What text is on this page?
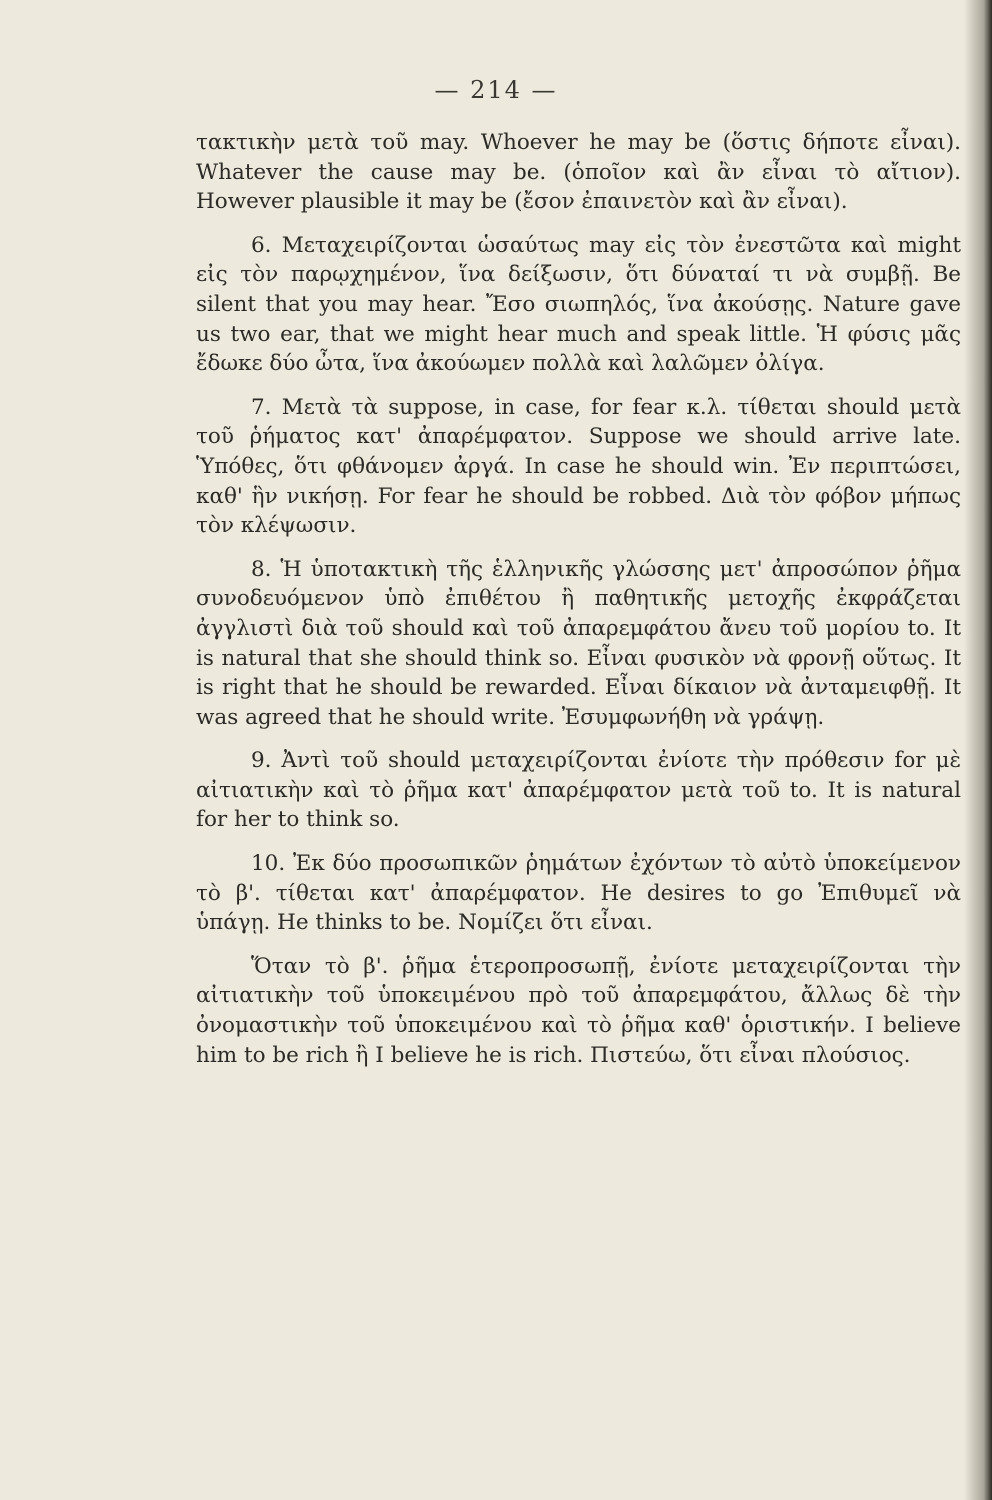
— 214 —

τακτικὴν μετὰ τοῦ may. Whoever he may be (ὅστις δήποτε εἶναι). Whatever the cause may be. (ὁποῖον καὶ ἂν εἶναι τὸ αἴτιον). However plausible it may be (ἔσον ἐπαινετὸν καὶ ἂν εἶναι).

6. Μεταχειρίζονται ὡσαύτως may εἰς τὸν ἐνεστῶτα καὶ might εἰς τὸν παρῳχημένον, ἵνα δείξωσιν, ὅτι δύναταί τι νὰ συμβῇ. Be silent that you may hear. Ἔσο σιωπηλός, ἵνα ἀκούσῃς. Nature gave us two ear, that we might hear much and speak little. Ἡ φύσις μᾶς ἔδωκε δύο ὦτα, ἵνα ἀκούωμεν πολλὰ καὶ λαλῶμεν ὀλίγα.

7. Μετὰ τὰ suppose, in case, for fear κ.λ. τίθεται should μετὰ τοῦ ῥήματος κατ' ἀπαρέμφατον. Suppose we should arrive late. Ὑπόθες, ὅτι φθάνομεν ἀργά. In case he should win. Ἐν περιπτώσει, καθ' ἣν νικήσῃ. For fear he should be robbed. Διὰ τὸν φόβον μήπως τὸν κλέψωσιν.

8. Ἡ ὑποτακτικὴ τῆς ἑλληνικῆς γλώσσης μετ' ἀπροσώπον ῥῆμα συνοδευόμενον ὑπὸ ἐπιθέτου ἢ παθητικῆς μετοχῆς ἐκφράζεται ἀγγλιστὶ διὰ τοῦ should καὶ τοῦ ἀπαρεμφάτου ἄνευ τοῦ μορίου to. It is natural that she should think so. Εἶναι φυσικὸν νὰ φρονῇ οὕτως. It is right that he should be rewarded. Εἶναι δίκαιον νὰ ἀνταμειφθῇ. It was agreed that he should write. Ἐσυμφωνήθη νὰ γράψῃ.

9. Ἀντὶ τοῦ should μεταχειρίζονται ἐνίοτε τὴν πρόθεσιν for μὲ αἰτιατικὴν καὶ τὸ ῥῆμα κατ' ἀπαρέμφατον μετὰ τοῦ to. It is natural for her to think so.

10. Ἐκ δύο προσωπικῶν ῥημάτων ἐχόντων τὸ αὐτὸ ὑποκείμενον τὸ β'. τίθεται κατ' ἀπαρέμφατον. He desires to go Ἐπιθυμεῖ νὰ ὑπάγῃ. He thinks to be. Νομίζει ὅτι εἶναι.

Ὅταν τὸ β'. ῥῆμα ἑτεροπροσωπῇ, ἐνίοτε μεταχειρίζονται τὴν αἰτιατικὴν τοῦ ὑποκειμένου πρὸ τοῦ ἀπαρεμφάτου, ἄλλως δὲ τὴν ὀνομαστικὴν τοῦ ὑποκειμένου καὶ τὸ ῥῆμα καθ' ὁριστικήν. I believe him to be rich ἢ I believe he is rich. Πιστεύω, ὅτι εἶναι πλούσιος.
